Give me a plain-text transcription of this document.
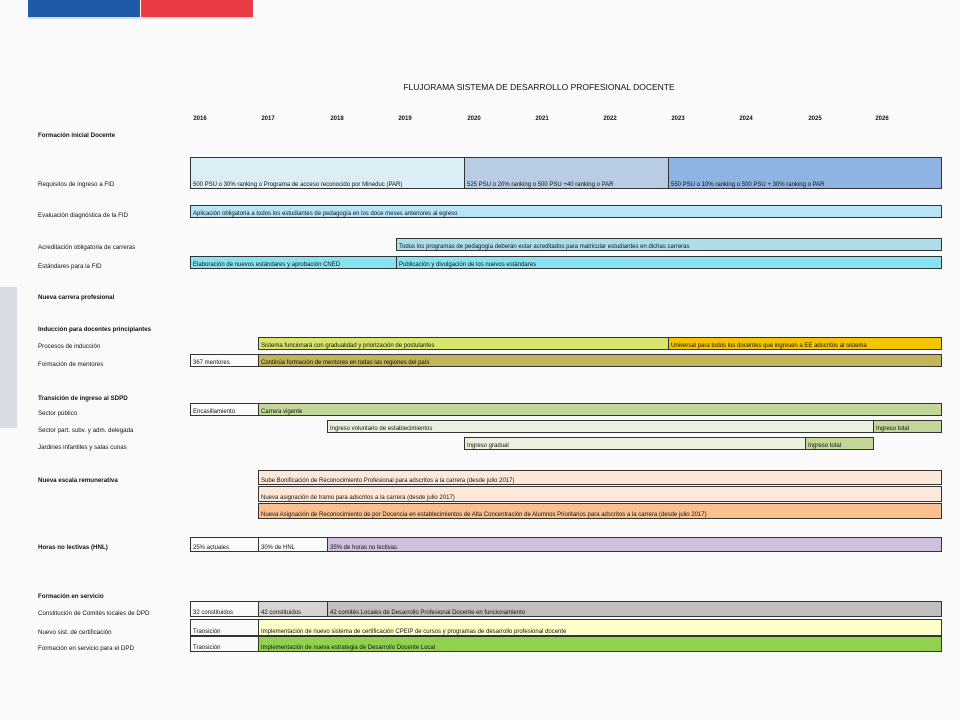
FLUJORAMA SISTEMA DE DESARROLLO PROFESIONAL DOCENTE
2016	2017	2018	2019	2020	2021	2022	2023	2024	2025	2026
Formación inicial Docente
Requisitos de ingreso a FID	500 PSU o 30% ranking o Programa de acceso reconocido por Mineduc (PAR)	525 PSU o 20% ranking o 500 PSU +40 ranking o PAR	550 PSU o 10% ranking o 500 PSU + 30% ranking o PAR
Evaluación diagnóstica de la FID	Aplicación obligatoria a todos los estudiantes de pedagogía en los doce meses anteriores al egreso
Acreditación obligatoria de carreras	Todos los programas de pedagogía deberán estar acreditados para matricular estudiantes en dichas carreras
Estándares para la FID	Elaboración de nuevos estándares y aprobación CNED	Publicación y divulgación de los nuevos estándares
Nueva carrera profesional
Inducción para docentes principiantes
Procesos de inducción	Sistema funcionará con gradualidad y priorización de postulantes	Universal para todos los docentes que ingresen a EE adscritos al sistema
Formación de mentores	367 mentores	Continúa formación de mentores en todas las regiones del país
Transición de ingreso al SDPD
Sector público	Encasillamiento	Carrera vigente
Sector part. subv. y adm. delegada	Ingreso voluntario de establecimientos	Ingreso total
Jardines infantiles y salas cunas	Ingreso gradual	Ingreso total
Nueva escala remunerativa	Sube Bonificación de Reconocimiento Profesional para adscritos a la carrera (desde julio 2017)
Nueva asignación de tramo para adscritos a la carrera (desde julio 2017)
Nueva Asignación de Reconocimiento de por Docencia en establecimientos de Alta Concentración de Alumnos Prioritarios para adscritos a la carrera (desde julio 2017)
Horas no lectivas (HNL)	25% actuales	30% de HNL	35% de horas no lectivas
Formación en servicio
Constitución de Comités locales de DPD	32 constituidos	42 constituidos	42 comités Locales de Desarrollo Profesional Docente en funcionamiento
Nuevo sist. de certificación	Transición	Implementación de nuevo sistema de certificación CPEIP de cursos y programas de desarrollo profesional docente
Formación en servicio para el DPD	Transición	Implementación de nueva estrategia de Desarrollo Docente Local
